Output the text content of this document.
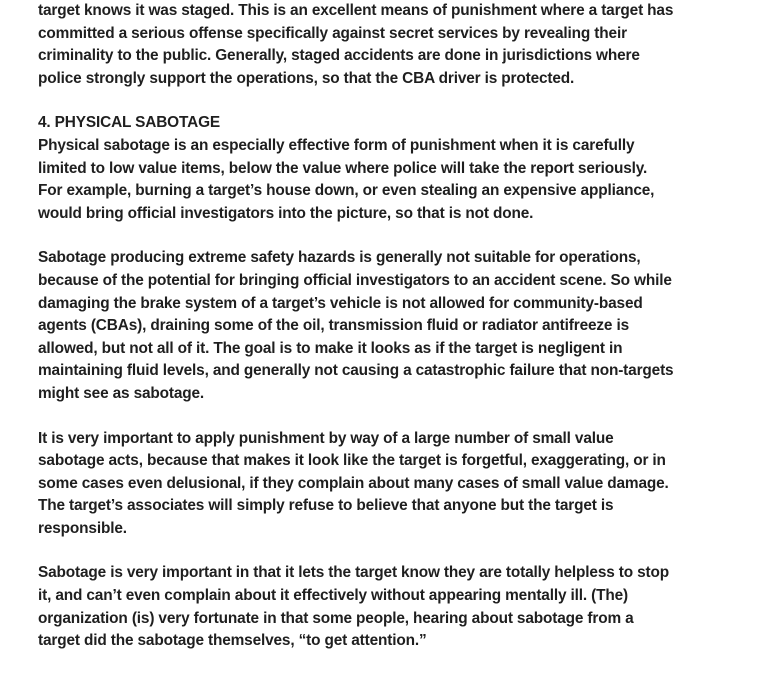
target knows it was staged. This is an excellent means of punishment where a target has
committed a serious offense specifically against secret services by revealing their
criminality to the public. Generally, staged accidents are done in jurisdictions where
police strongly support the operations, so that the CBA driver is protected.
4. PHYSICAL SABOTAGE
Physical sabotage is an especially effective form of punishment when it is carefully
limited to low value items, below the value where police will take the report seriously.
For example, burning a target’s house down, or even stealing an expensive appliance,
would bring official investigators into the picture, so that is not done.
Sabotage producing extreme safety hazards is generally not suitable for operations,
because of the potential for bringing official investigators to an accident scene. So while
damaging the brake system of a target’s vehicle is not allowed for community-based
agents (CBAs), draining some of the oil, transmission fluid or radiator antifreeze is
allowed, but not all of it. The goal is to make it looks as if the target is negligent in
maintaining fluid levels, and generally not causing a catastrophic failure that non-targets
might see as sabotage.
It is very important to apply punishment by way of a large number of small value
sabotage acts, because that makes it look like the target is forgetful, exaggerating, or in
some cases even delusional, if they complain about many cases of small value damage.
The target’s associates will simply refuse to believe that anyone but the target is
responsible.
Sabotage is very important in that it lets the target know they are totally helpless to stop
it, and can’t even complain about it effectively without appearing mentally ill. (The)
organization (is) very fortunate in that some people, hearing about sabotage from a
target did the sabotage themselves, “to get attention.”
